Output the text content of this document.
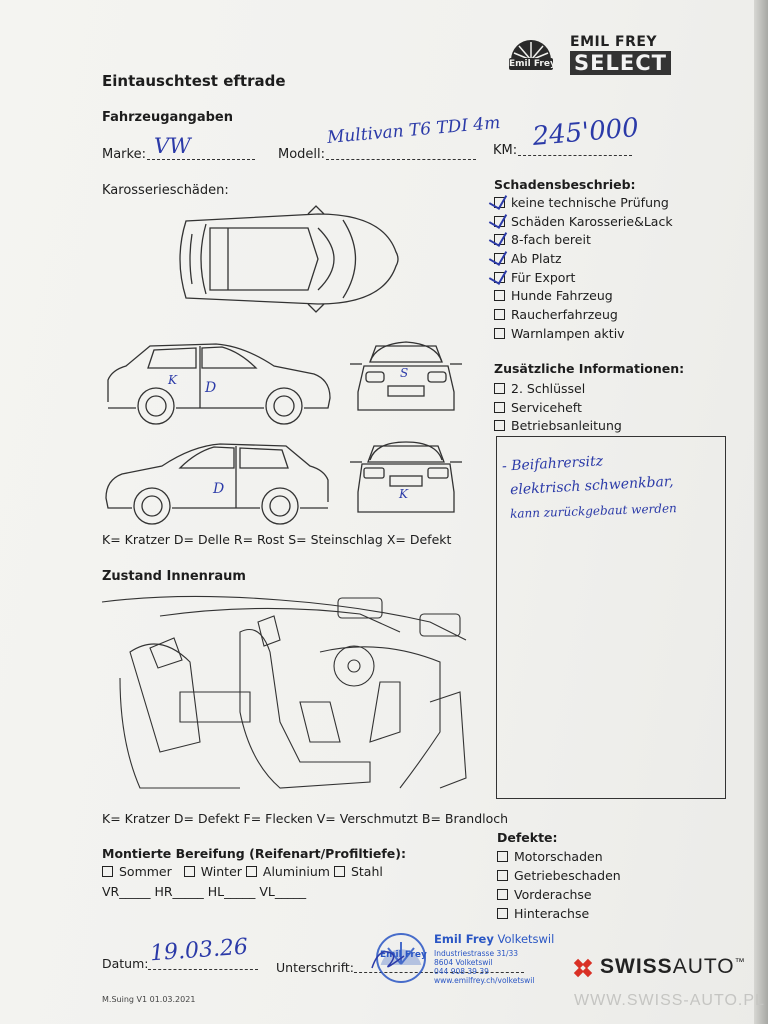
Emil Frey
EMIL FREY
SELECT
Eintauschtest eftrade
Fahrzeugangaben
Marke: VW	Modell:
Multivan T6 TDI 4m
KM: 245'000
Karosserieschäden:
K D
S
D	K
K= Kratzer D= Delle R= Rost S= Steinschlag X= Defekt
Zustand Innenraum
K= Kratzer D= Defekt F= Flecken V= Verschmutzt B= Brandloch
Montierte Bereifung (Reifenart/Profiltiefe):
Sommer Winter Aluminium Stahl
VR_____ HR_____ HL_____ VL_____
Datum: 19.03.26
Unterschrift:
M.Suing V1 01.03.2021
Schadensbeschrieb:
keine technische Prüfung
Schäden Karosserie&Lack
8-fach bereit
Ab Platz
Für Export
Hunde Fahrzeug
Raucherfahrzeug
Warnlampen aktiv
Zusätzliche Informationen:
2. Schlüssel
Serviceheft
Betriebsanleitung
- Beifahrersitz
elektrisch schwenkbar,
kann zurückgebaut werden
Defekte:
Motorschaden
Getriebeschaden
Vorderachse
Hinterachse
Emil Frey
Emil Frey Volketswil
Industriestrasse 31/33
8604 Volketswil
044 908 39 39
www.emilfrey.ch/volketswil
SWISSAUTO™
WWW.SWISS-AUTO.PL
